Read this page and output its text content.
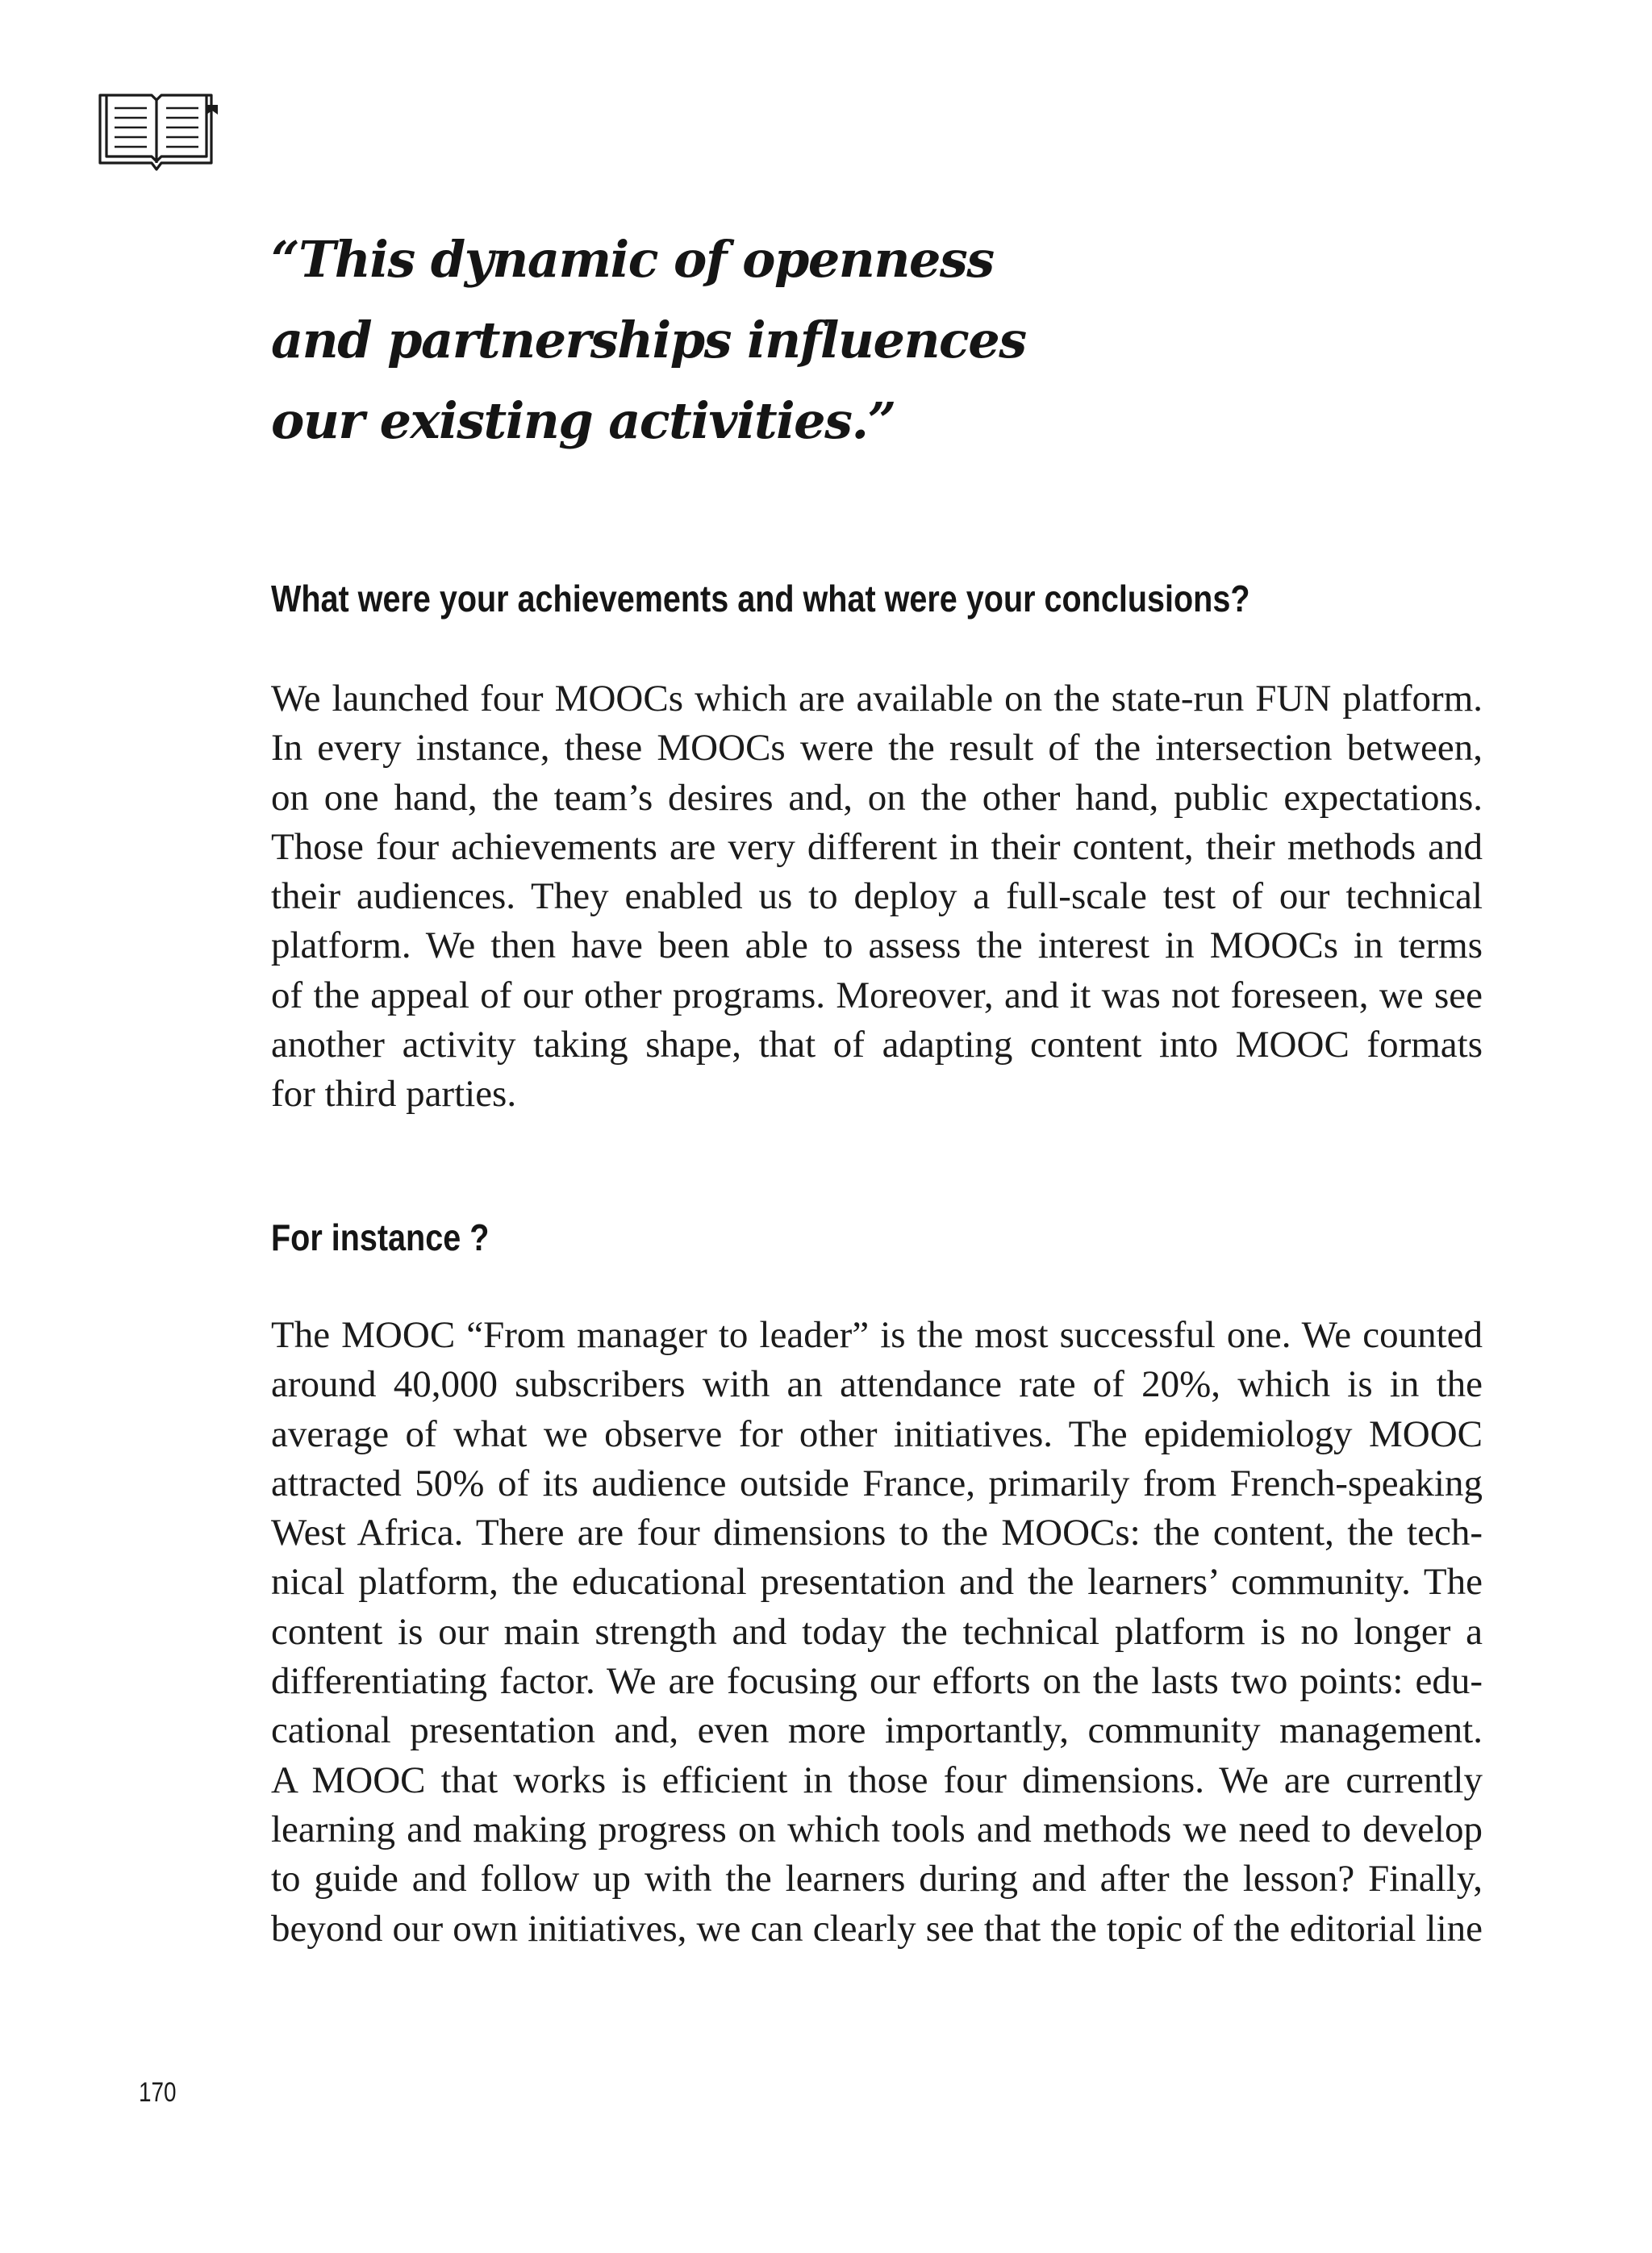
“This dynamic of openness
and partnerships influences
our existing activities.”
What were your achievements and what were your conclusions?
We launched four MOOCs which are available on the state-run FUN platform.
In every instance, these MOOCs were the result of the intersection between,
on one hand, the team’s desires and, on the other hand, public expectations.
Those four achievements are very different in their content, their methods and
their audiences. They enabled us to deploy a full-scale test of our technical
platform. We then have been able to assess the interest in MOOCs in terms
of the appeal of our other programs. Moreover, and it was not foreseen, we see
another activity taking shape, that of adapting content into MOOC formats
for third parties.
For instance ?
The MOOC “From manager to leader” is the most successful one. We counted
around 40,000 subscribers with an attendance rate of 20%, which is in the
average of what we observe for other initiatives. The epidemiology MOOC
attracted 50% of its audience outside France, primarily from French-speaking
West Africa. There are four dimensions to the MOOCs: the content, the tech-
nical platform, the educational presentation and the learners’ community. The
content is our main strength and today the technical platform is no longer a
differentiating factor. We are focusing our efforts on the lasts two points: edu-
cational presentation and, even more importantly, community management.
A MOOC that works is efficient in those four dimensions. We are currently
learning and making progress on which tools and methods we need to develop
to guide and follow up with the learners during and after the lesson? Finally,
beyond our own initiatives, we can clearly see that the topic of the editorial line

170
